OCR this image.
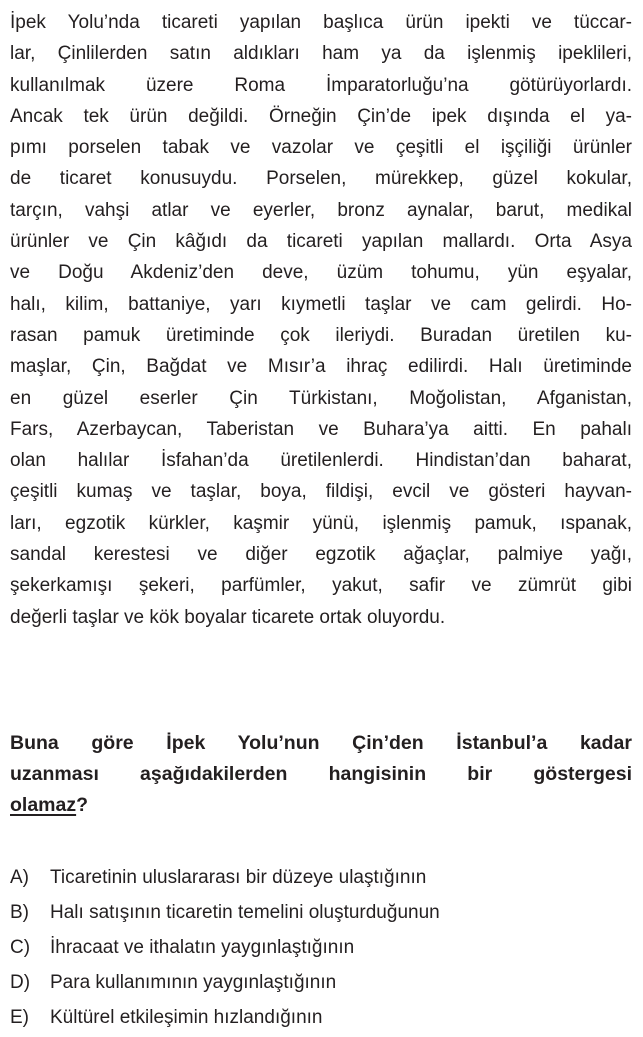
İpek Yolu’nda ticareti yapılan başlıca ürün ipekti ve tüccar-
lar, Çinlilerden satın aldıkları ham ya da işlenmiş ipeklileri,
kullanılmak üzere Roma İmparatorluğu’na götürüyorlardı.
Ancak tek ürün değildi. Örneğin Çin’de ipek dışında el ya-
pımı porselen tabak ve vazolar ve çeşitli el işçiliği ürünler
de ticaret konusuydu. Porselen, mürekkep, güzel kokular,
tarçın, vahşi atlar ve eyerler, bronz aynalar, barut, medikal
ürünler ve Çin kâğıdı da ticareti yapılan mallardı. Orta Asya
ve Doğu Akdeniz’den deve, üzüm tohumu, yün eşyalar,
halı, kilim, battaniye, yarı kıymetli taşlar ve cam gelirdi. Ho-
rasan pamuk üretiminde çok ileriydi. Buradan üretilen ku-
maşlar, Çin, Bağdat ve Mısır’a ihraç edilirdi. Halı üretiminde
en güzel eserler Çin Türkistanı, Moğolistan, Afganistan,
Fars, Azerbaycan, Taberistan ve Buhara’ya aitti. En pahalı
olan halılar İsfahan’da üretilenlerdi. Hindistan’dan baharat,
çeşitli kumaş ve taşlar, boya, fildişi, evcil ve gösteri hayvan-
ları, egzotik kürkler, kaşmir yünü, işlenmiş pamuk, ıspanak,
sandal kerestesi ve diğer egzotik ağaçlar, palmiye yağı,
şekerkamışı şekeri, parfümler, yakut, safir ve zümrüt gibi
değerli taşlar ve kök boyalar ticarete ortak oluyordu.
Buna göre İpek Yolu’nun Çin’den İstanbul’a kadar
uzanması aşağıdakilerden hangisinin bir göstergesi
olamaz?
A)	Ticaretinin uluslararası bir düzeye ulaştığının
B)	Halı satışının ticaretin temelini oluşturduğunun
C)	İhracaat ve ithalatın yaygınlaştığının
D)	Para kullanımının yaygınlaştığının
E)	Kültürel etkileşimin hızlandığının
